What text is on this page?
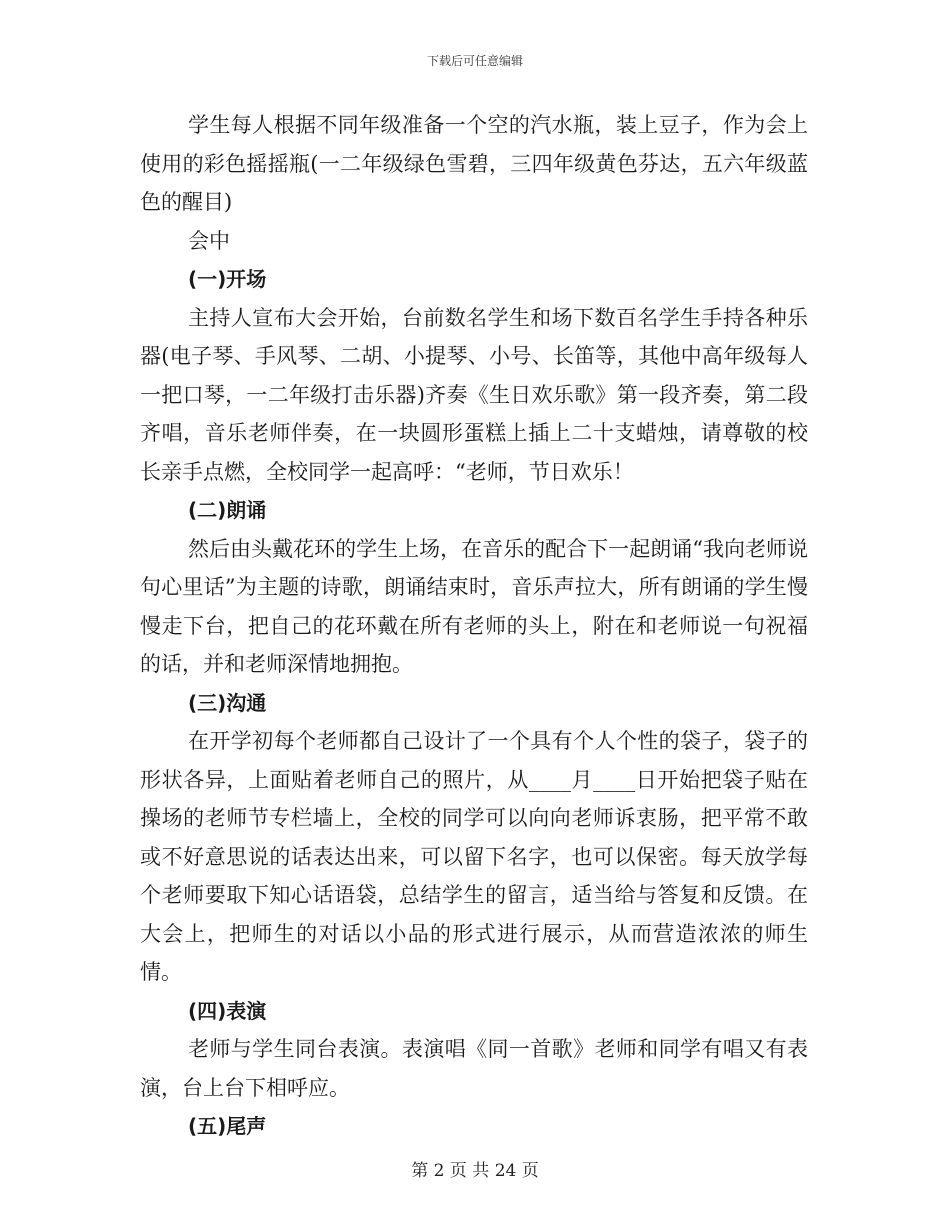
下载后可任意编辑

学生每人根据不同年级准备一个空的汽水瓶，装上豆子，作为会上使用的彩色摇摇瓶(一二年级绿色雪碧，三四年级黄色芬达，五六年级蓝色的醒目)

会中

(一)开场

主持人宣布大会开始，台前数名学生和场下数百名学生手持各种乐器(电子琴、手风琴、二胡、小提琴、小号、长笛等，其他中高年级每人一把口琴，一二年级打击乐器)齐奏《生日欢乐歌》第一段齐奏，第二段齐唱，音乐老师伴奏，在一块圆形蛋糕上插上二十支蜡烛，请尊敬的校长亲手点燃，全校同学一起高呼：“老师，节日欢乐！

(二)朗诵

然后由头戴花环的学生上场，在音乐的配合下一起朗诵“我向老师说句心里话”为主题的诗歌，朗诵结束时，音乐声拉大，所有朗诵的学生慢慢走下台，把自己的花环戴在所有老师的头上，附在和老师说一句祝福的话，并和老师深情地拥抱。

(三)沟通

在开学初每个老师都自己设计了一个具有个人个性的袋子，袋子的形状各异，上面贴着老师自己的照片，从____月____日开始把袋子贴在操场的老师节专栏墙上，全校的同学可以向向老师诉衷肠，把平常不敢或不好意思说的话表达出来，可以留下名字，也可以保密。每天放学每个老师要取下知心话语袋，总结学生的留言，适当给与答复和反馈。在大会上，把师生的对话以小品的形式进行展示，从而营造浓浓的师生情。

(四)表演

老师与学生同台表演。表演唱《同一首歌》老师和同学有唱又有表演，台上台下相呼应。

(五)尾声

第 2 页 共 24 页
